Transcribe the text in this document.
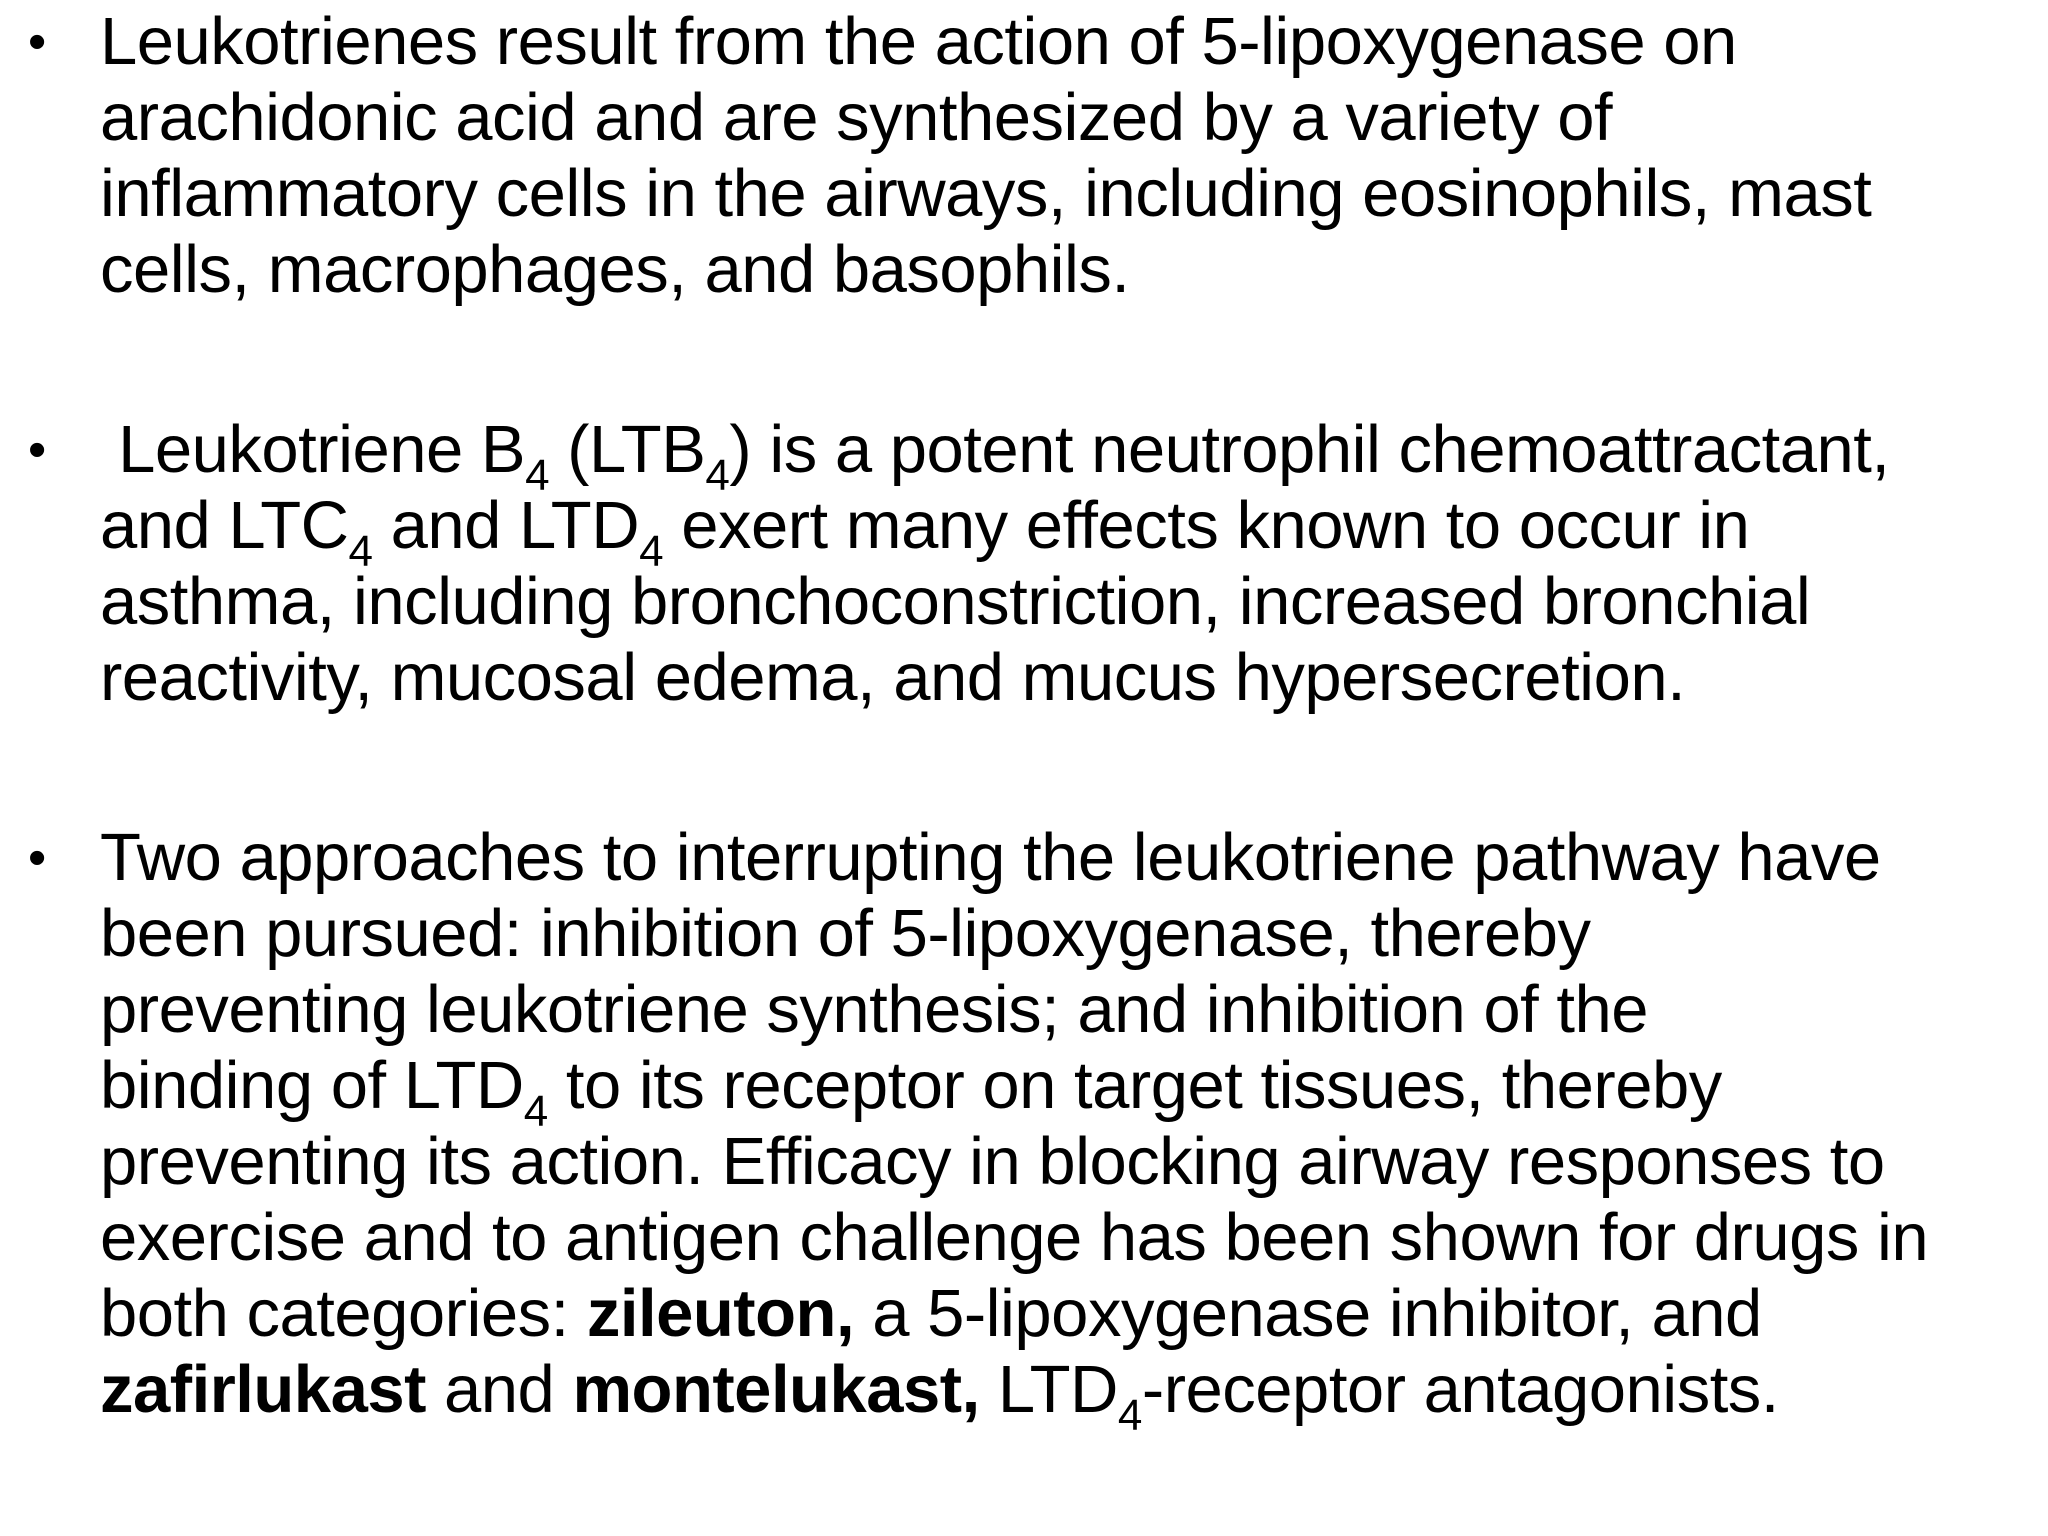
• Leukotrienes result from the action of 5-lipoxygenase on
arachidonic acid and are synthesized by a variety of
inflammatory cells in the airways, including eosinophils, mast
cells, macrophages, and basophils.
• Leukotriene $B_4$ $(LTB_4)$ is a potent neutrophil chemoattractant,
and $LTC_4$ and $LTD_4$ exert many effects known to occur in
asthma, including bronchoconstriction, increased bronchial
reactivity, mucosal edema, and mucus hypersecretion.
• Two approaches to interrupting the leukotriene pathway have
been pursued: inhibition of 5-lipoxygenase, thereby
preventing leukotriene synthesis; and inhibition of the
binding of $LTD_4$ to its receptor on target tissues, thereby
preventing its action. Efficacy in blocking airway responses to
exercise and to antigen challenge has been shown for drugs in
both categories: zileuton, a 5-lipoxygenase inhibitor, and
zafirlukast and montelukast, $LTD_4$-receptor antagonists.
